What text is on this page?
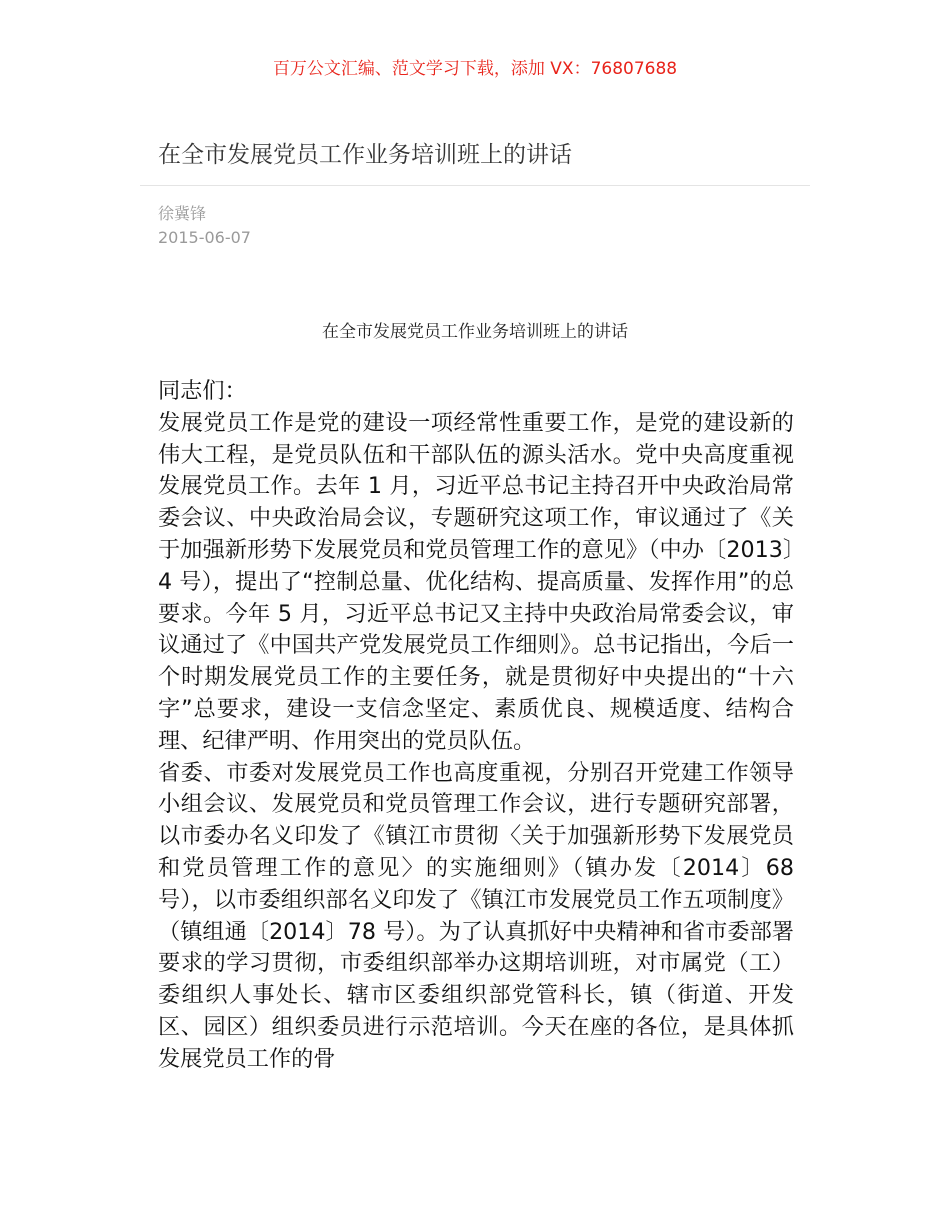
百万公文汇编、范文学习下载，添加 VX：76807688
在全市发展党员工作业务培训班上的讲话
徐冀锋
2015-06-07
在全市发展党员工作业务培训班上的讲话

同志们：

发展党员工作是党的建设一项经常性重要工作，是党的建设新的伟大工程，是党员队伍和干部队伍的源头活水。党中央高度重视发展党员工作。去年 1 月，习近平总书记主持召开中央政治局常委会议、中央政治局会议，专题研究这项工作，审议通过了《关于加强新形势下发展党员和党员管理工作的意见》（中办〔2013〕4 号），提出了“控制总量、优化结构、提高质量、发挥作用”的总要求。今年 5 月，习近平总书记又主持中央政治局常委会议，审议通过了《中国共产党发展党员工作细则》。总书记指出，今后一个时期发展党员工作的主要任务，就是贯彻好中央提出的“十六字”总要求，建设一支信念坚定、素质优良、规模适度、结构合理、纪律严明、作用突出的党员队伍。

省委、市委对发展党员工作也高度重视，分别召开党建工作领导小组会议、发展党员和党员管理工作会议，进行专题研究部署，以市委办名义印发了《镇江市贯彻〈关于加强新形势下发展党员和党员管理工作的意见〉的实施细则》（镇办发〔2014〕68 号），以市委组织部名义印发了《镇江市发展党员工作五项制度》（镇组通〔2014〕78 号）。为了认真抓好中央精神和省市委部署要求的学习贯彻，市委组织部举办这期培训班，对市属党（工）委组织人事处长、辖市区委组织部党管科长，镇（街道、开发区、园区）组织委员进行示范培训。今天在座的各位，是具体抓发展党员工作的骨
